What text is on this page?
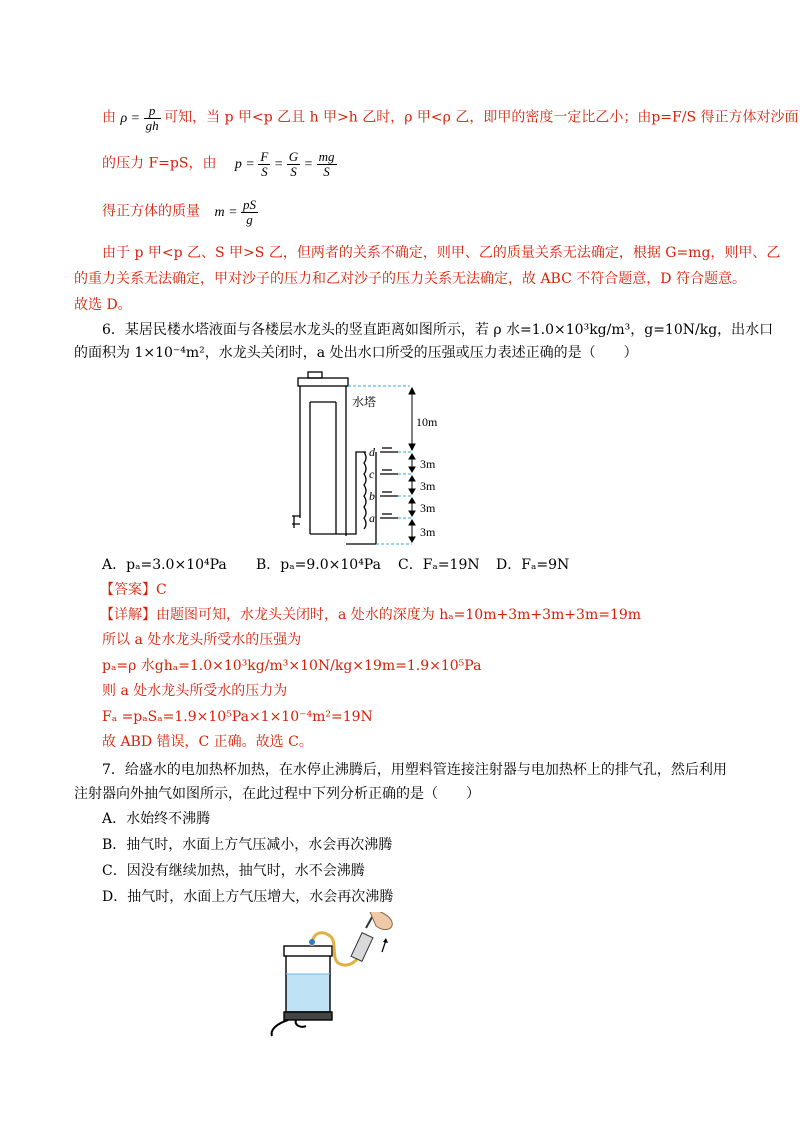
由 $\rho = \frac{p}{gh}$ 可知，当 p 甲<p 乙且 h 甲>h 乙时，ρ 甲<ρ 乙，即甲的密度一定比乙小；由p=F/S 得正方体对沙面
的压力 F=pS，由 $p = \frac{F}{S} = \frac{G}{S} = \frac{mg}{S}$
得正方体的质量 $m = \frac{pS}{g}$
由于 p 甲<p 乙、S 甲>S 乙，但两者的关系不确定，则甲、乙的质量关系无法确定，根据 G=mg，则甲、乙
的重力关系无法确定，甲对沙子的压力和乙对沙子的压力关系无法确定，故 ABC 不符合题意，D 符合题意。
故选 D。
6．某居民楼水塔液面与各楼层水龙头的竖直距离如图所示，若 ρ 水=1.0×10³kg/m³，g=10N/kg，出水口
的面积为 1×10⁻⁴m²，水龙头关闭时，a 处出水口所受的压强或压力表述正确的是（　　）
水塔
10m
3m
3m
3m
3m
d
c
b
a
A．pₐ=3.0×10⁴Pa B．pₐ=9.0×10⁴Pa C．Fₐ=19N D．Fₐ=9N
【答案】C
【详解】由题图可知，水龙头关闭时，a 处水的深度为 hₐ=10m+3m+3m+3m=19m
所以 a 处水龙头所受水的压强为
pₐ=ρ 水ghₐ=1.0×10³kg/m³×10N/kg×19m=1.9×10⁵Pa
则 a 处水龙头所受水的压力为
Fₐ =pₐSₐ=1.9×10⁵Pa×1×10⁻⁴m²=19N
故 ABD 错误，C 正确。故选 C。
7．给盛水的电加热杯加热，在水停止沸腾后，用塑料管连接注射器与电加热杯上的排气孔，然后利用
注射器向外抽气如图所示，在此过程中下列分析正确的是（　　）
A．水始终不沸腾
B．抽气时，水面上方气压减小，水会再次沸腾
C．因没有继续加热，抽气时，水不会沸腾
D．抽气时，水面上方气压增大，水会再次沸腾
